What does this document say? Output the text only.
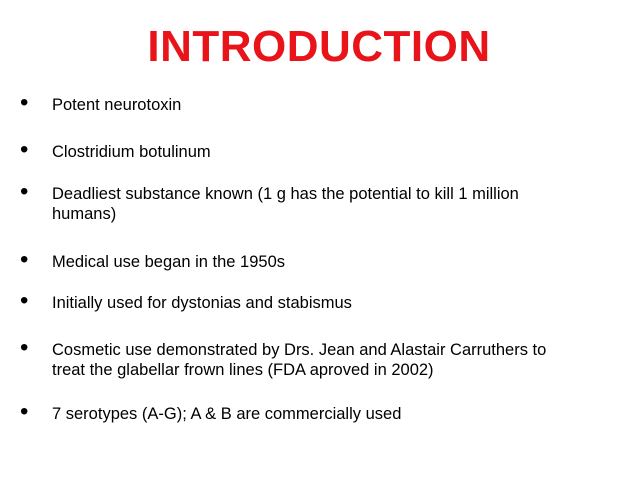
INTRODUCTION
• Potent neurotoxin
• Clostridium botulinum
• Deadliest substance known (1 g has the potential to kill 1 million humans)
• Medical use began in the 1950s
• Initially used for dystonias and stabismus
• Cosmetic use demonstrated by Drs. Jean and Alastair Carruthers to treat the glabellar frown lines (FDA aproved in 2002)
• 7 serotypes (A-G); A & B are commercially used
